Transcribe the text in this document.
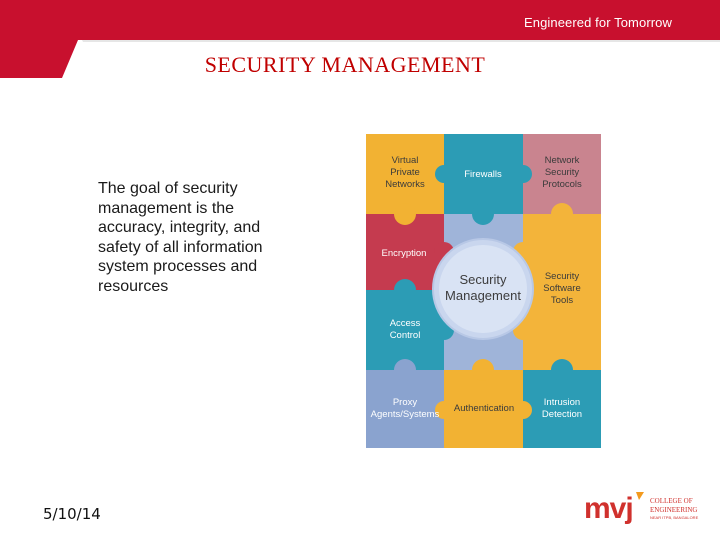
Engineered for Tomorrow
SECURITY MANAGEMENT
The goal of security management is the accuracy, integrity, and safety of all information system processes and resources
Virtual
Private
Networks
Firewalls
Network
Security
Protocols
Security
Management
Encryption
Security
Software
Tools
Access
Control
Proxy
Agents/Systems
Authentication
Intrusion
Detection
5/10/14	mvj COLLEGE OF
ENGINEERING
NEAR ITPB, BANGALORE
